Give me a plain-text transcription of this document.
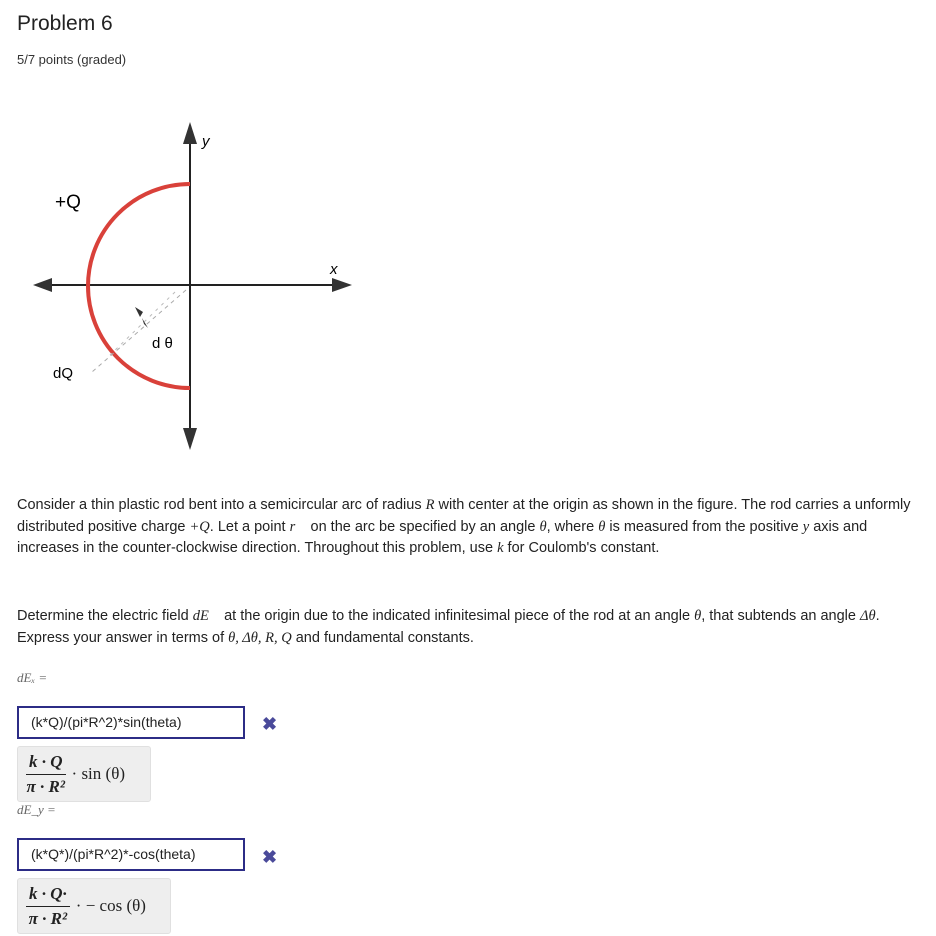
Problem 6
5/7 points (graded)
y
x
+Q
d θ
dQ
Consider a thin plastic rod bent into a semicircular arc of radius R with center at the origin as shown in the figure. The rod carries a unformly distributed positive charge +Q. Let a point r⃗ on the arc be specified by an angle θ, where θ is measured from the positive y axis and increases in the counter-clockwise direction. Throughout this problem, use k for Coulomb's constant.
Determine the electric field dE⃗ at the origin due to the indicated infinitesimal piece of the rod at an angle θ, that subtends an angle Δθ. Express your answer in terms of θ, Δθ, R, Q and fundamental constants.
dEₓ =
(k*Q)/(pi*R^2)*sin(theta)	✖
$\frac{k \cdot Q}{\text{π · R²}} \cdot \sin (\theta)$
dE_y =
(k*Q*)/(pi*R^2)*-cos(theta)	✖
$\frac{k \cdot Q\cdot}{\text{π · R²}}$ · − cos (θ)
